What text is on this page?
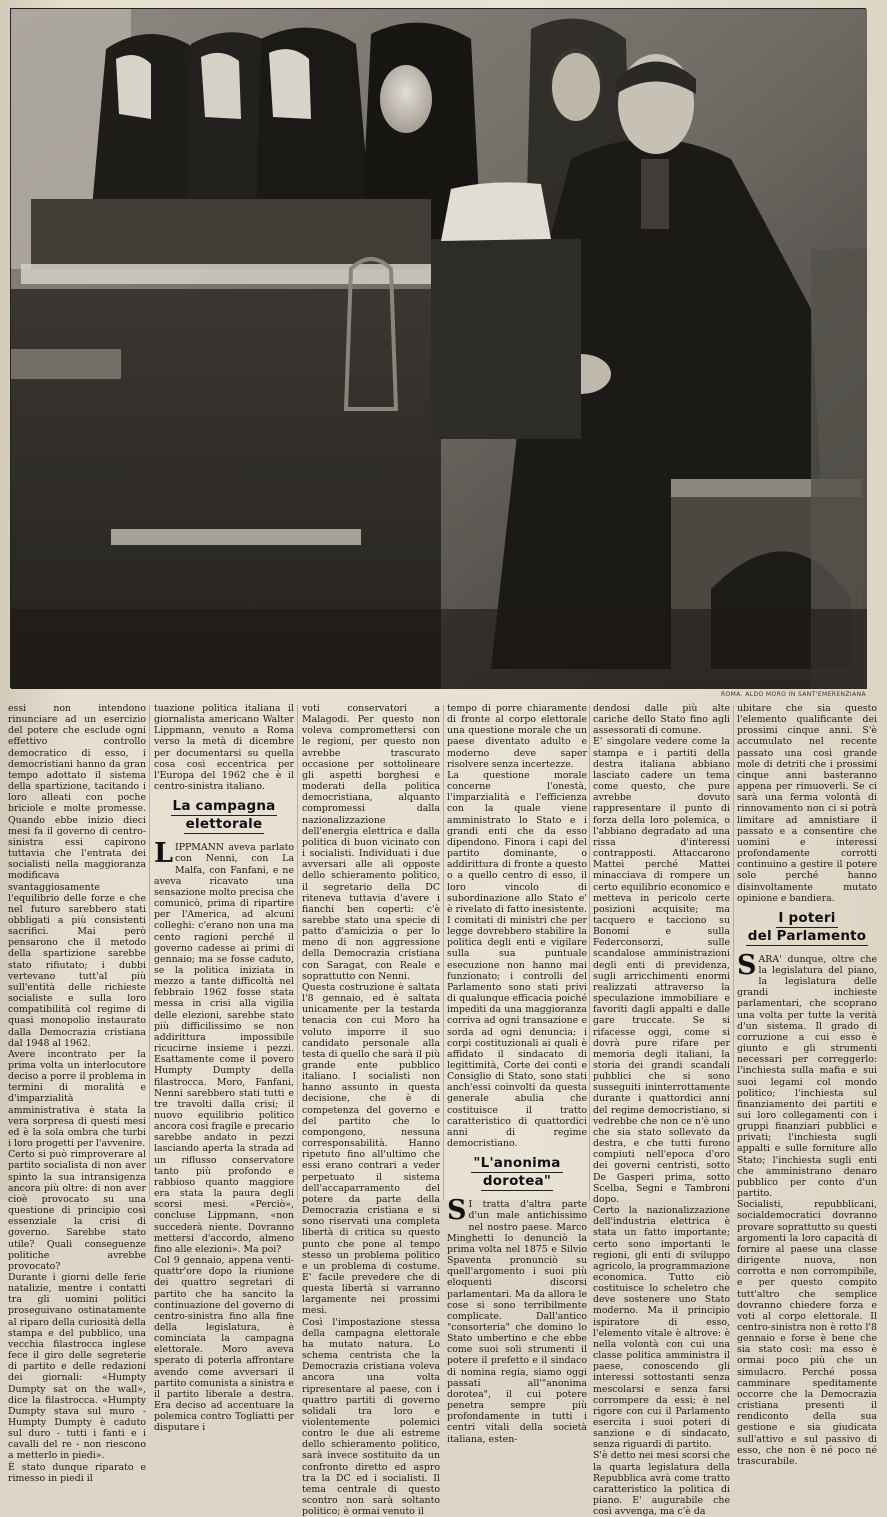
ROMA. ALDO MORO IN SANT'EMERENZIANA

essi non intendono rinunciare ad un esercizio del potere che esclude ogni effettivo controllo democratico di esso, i democristiani hanno da gran tempo adottato il sistema della spartizione, tacitando i loro alleati con poche briciole e molte promesse. Quando ebbe inizio dieci mesi fa il governo di centro-sinistra essi capirono tuttavia che l'entrata dei socialisti nella maggioranza modificava svantaggiosamente l'equilibrio delle forze e che nel futuro sarebbero stati obbligati a più consistenti sacrifici. Mai però pensarono che il metodo della spartizione sarebbe stato rifiutato; i dubbi vertevano tutt'al più sull'entità delle richieste socialiste e sulla loro compatibilità col regime di quasi monopolio instaurato dalla Democrazia cristiana dal 1948 al 1962.

Avere incontrato per la prima volta un interlocutore deciso a porre il problema in termini di moralità e d'imparzialità amministrativa è stata la vera sorpresa di questi mesi ed è la sola ombra che turbi i loro progetti per l'avvenire.

Certo si può rimproverare al partito socialista di non aver spinto la sua intransigenza ancora più oltre: di non aver cioè provocato su una questione di principio così essenziale la crisi di governo. Sarebbe stato utile? Quali conseguenze politiche avrebbe provocato?

Durante i giorni delle ferie natalizie, mentre i contatti tra gli uomini politici proseguivano ostinatamente al riparo della curiosità della stampa e del pubblico, una vecchia filastrocca inglese fece il giro delle segreterie di partito e delle redazioni dei giornali: «Humpty Dumpty sat on the wall», dice la filastrocca. «Humpty Dumpty stava sul muro - Humpty Dumpty è caduto sul duro - tutti i fanti e i cavalli del re - non riescono a metterlo in piedi».

È stato dunque riparato e rimesso in piedi il

tuazione politica italiana il giornalista americano Walter Lippmann, venuto a Roma verso la metà di dicembre per documentarsi su quella cosa così eccentrica per l'Europa del 1962 che è il centro-sinistra italiano.

La campagna
elettorale

LIPPMANN aveva parlato con Nenni, con La Malfa, con Fanfani, e ne aveva ricavato una sensazione molto precisa che comunicò, prima di ripartire per l'America, ad alcuni colleghi: c'erano non una ma cento ragioni perché il governo cadesse ai primi di gennaio; ma se fosse caduto, se la politica iniziata in mezzo a tante difficoltà nel febbraio 1962 fosse stata messa in crisi alla vigilia delle elezioni, sarebbe stato più difficilissimo se non addirittura impossibile ricucirne insieme i pezzi. Esattamente come il povero Humpty Dumpty della filastrocca. Moro, Fanfani, Nenni sarebbero stati tutti e tre travolti dalla crisi; il nuovo equilibrio politico ancora così fragile e precario sarebbe andato in pezzi lasciando aperta la strada ad un riflusso conservatore tanto più profondo e rabbioso quanto maggiore era stata la paura degli scorsi mesi. «Perciò», concluse Lippmann, «non succederà niente. Dovranno mettersi d'accordo, almeno fino alle elezioni». Ma poi?

Col 9 gennaio, appena venti-quattr'ore dopo la riunione dei quattro segretari di partito che ha sancito la continuazione del governo di centro-sinistra fino alla fine della legislatura, è cominciata la campagna elettorale. Moro aveva sperato di poterla affrontare avendo come avversari il partito comunista a sinistra e il partito liberale a destra. Era deciso ad accentuare la polemica contro Togliatti per disputare i

voti conservatori a Malagodi. Per questo non voleva compromettersi con le regioni, per questo non avrebbe trascurato occasione per sottolineare gli aspetti borghesi e moderati della politica democristiana, alquanto compromessi dalla nazionalizzazione dell'energia elettrica e dalla politica di buon vicinato con i socialisti. Individuati i due avversari alle ali opposte dello schieramento politico, il segretario della DC riteneva tuttavia d'avere i fianchi ben coperti: c'è sarebbe stato una specie di patto d'amicizia o per lo meno di non aggressione della Democrazia cristiana con Saragat, con Reale e soprattutto con Nenni.

Questa costruzione è saltata l'8 gennaio, ed è saltata unicamente per la testarda tenacia con cui Moro ha voluto imporre il suo candidato personale alla testa di quello che sarà il più grande ente pubblico italiano. I socialisti non hanno assunto in questa decisione, che è di competenza del governo e del partito che lo compongono, nessuna corresponsabilità. Hanno ripetuto fino all'ultimo che essi erano contrari a veder perpetuato il sistema dell'accaparramento del potere da parte della Democrazia cristiana e si sono riservati una completa libertà di critica su questo punto che pone al tempo stesso un problema politico e un problema di costume. E' facile prevedere che di questa libertà si varranno largamente nei prossimi mesi.

Così l'impostazione stessa della campagna elettorale ha mutato natura. Lo schema centrista che la Democrazia cristiana voleva ancora una volta ripresentare al paese, con i quattro partiti di governo solidali tra loro e violentemente polemici contro le due ali estreme dello schieramento politico, sarà invece sostituito da un confronto diretto ed aspro tra la DC ed i socialisti. Il tema centrale di questo scontro non sarà soltanto politico; è ormai venuto il

tempo di porre chiaramente di fronte al corpo elettorale una questione morale che un paese diventato adulto e moderno deve saper risolvere senza incertezze.

La questione morale concerne l'onestà, l'imparzialità e l'efficienza con la quale viene amministrato lo Stato e i grandi enti che da esso dipendono. Finora i capi del partito dominante, o addirittura di fronte a questo o a quello centro di esso, il loro vincolo di subordinazione allo Stato e' è rivelato di fatto inesistente. I comitati di ministri che per legge dovrebbero stabilire la politica degli enti e vigilare sulla sua puntuale esecuzione non hanno mai funzionato; i controlli del Parlamento sono stati privi di qualunque efficacia poiché impediti da una maggioranza corriva ad ogni transazione e sorda ad ogni denuncia; i corpi costituzionali ai quali è affidato il sindacato di legittimità, Corte dei conti e Consiglio di Stato, sono stati anch'essi coinvolti da questa generale abulia che costituisce il tratto caratteristico di quattordici anni di regime democristiano.

"L'anonima
dorotea"

S I tratta d'altra parte d'un male antichissimo nel nostro paese. Marco Minghetti lo denunciò la prima volta nel 1875 e Silvio Spaventa pronunciò su quell'argomento i suoi più eloquenti discorsi parlamentari. Ma da allora le cose si sono terribilmente complicate. Dall'antico "consorteria" che domino lo Stato umbertino e che ebbe come suoi soli strumenti il potere il prefetto e il sindaco di nomina regia, siamo oggi passati all'"anonima dorotea", il cui potere penetra sempre più profondamente in tutti i centri vitali della società italiana, esten-

dendosi dalle più alte cariche dello Stato fino agli assessorati di comune.

E' singolare vedere come la stampa e i partiti della destra italiana abbiano lasciato cadere un tema come questo, che pure avrebbe dovuto rappresentare il punto di forza della loro polemica, o l'abbiano degradato ad una rissa d'interessi contrapposti. Attaccarono Mattei perché Mattei minacciava di rompere un certo equilibrio economico e metteva in pericolo certe posizioni acquisite; ma tacquero e tacciono su Bonomi e sulla Federconsorzi, sulle scandalose amministrazioni degli enti di previdenza, sugli arricchimenti enormi realizzati attraverso la speculazione immobiliare e favoriti dagli appalti e dalle gare truccate. Se si rifacesse oggi, come si dovrà pure rifare per memoria degli italiani, la storia dei grandi scandali pubblici che si sono susseguiti ininterrottamente durante i quattordici anni del regime democristiano, si vedrebbe che non ce n'è uno che sia stato sollevato da destra, e che tutti furono compiuti nell'epoca d'oro dei governi centristi, sotto De Gasperi prima, sotto Scelba, Segni e Tambroni dopo.

Certo la nazionalizzazione dell'industria elettrica è stata un fatto importante; certo sono importanti le regioni, gli enti di sviluppo agricolo, la programmazione economica. Tutto ciò costituisce lo scheletro che deve sostenere uno Stato moderno. Ma il principio ispiratore di esso, l'elemento vitale è altrove: è nella volontà con cui una classe politica amministra il paese, conoscendo gli interessi sottostanti senza mescolarsi e senza farsi corrompere da essi; è nel rigore con cui il Parlamento esercita i suoi poteri di sanzione e di sindacato, senza riguardi di partito.

S'è detto nei mesi scorsi che la quarta legislatura della Repubblica avrà come tratto caratteristico la politica di piano. E' augurabile che così avvenga, ma c'è da

ubitare che sia questo l'elemento qualificante dei prossimi cinque anni. S'è accumulato nel recente passato una così grande mole di detriti che i prossimi cinque anni basteranno appena per rimuoverli. Se ci sarà una ferma volontà di rinnovamento non ci si potrà limitare ad amnistiare il passato e a consentire che uomini e interessi profondamente corrotti continuino a gestire il potere solo perché hanno disinvoltamente mutato opinione e bandiera.

I poteri
del Parlamento

SARA' dunque, oltre che la legislatura del piano, la legislatura delle grandi inchieste parlamentari, che scoprano una volta per tutte la verità d'un sistema. Il grado di corruzione a cui esso è giunto e gli strumenti necessari per correggerlo: l'inchiesta sulla mafia e sui suoi legami col mondo politico; l'inchiesta sul finanziamento dei partiti e sui loro collegamenti con i gruppi finanziari pubblici e privati; l'inchiesta sugli appalti e sulle forniture allo Stato; l'inchiesta sugli enti che amministrano denaro pubblico per conto d'un partito.

Socialisti, repubblicani, socialdemocratici dovranno provare soprattutto su questi argomenti la loro capacità di fornire al paese una classe dirigente nuova, non corrotta e non corrompibile, e per questo compito tutt'altro che semplice dovranno chiedere forza e voti al corpo elettorale. Il centro-sinistra non è rotto l'8 gennaio e forse è bene che sia stato così: ma esso è ormai poco più che un simulacro. Perché possa camminare speditamente occorre che la Democrazia cristiana presenti il rendiconto della sua gestione e sia giudicata sull'attivo e sul passivo di esso, che non è né poco né trascurabile.
